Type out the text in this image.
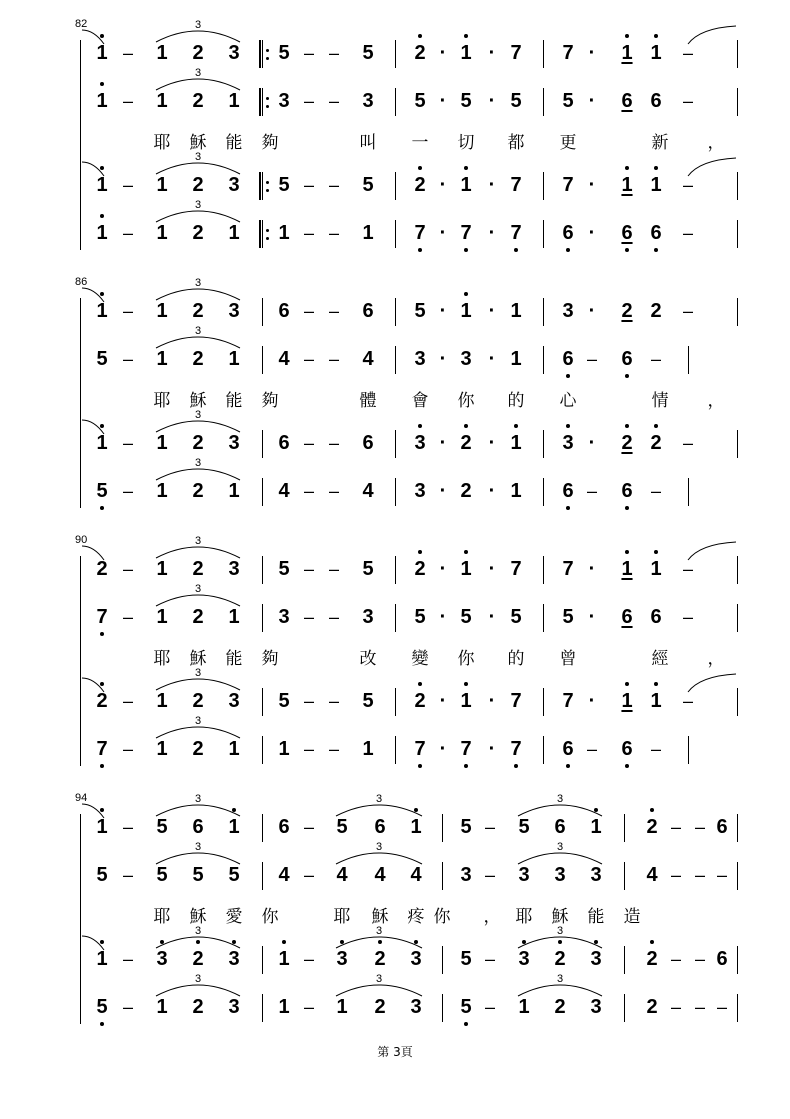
3
3
3
3
3
3
3
3
3
3
3
3
3	3	3
3	3	3
3	3	3
3	3	3
82
1 –	1 2 3 5 – –	5 2 · 1 · 7 7 ·	1 1	–
1 –	1 2 1 3 – –	3 5 · 5 · 5 5 ·	6 6	–
1 –	1 2 3 5 – –	5 2 · 1 · 7 7 ·	1 1	–
1 –	1 2 1 1 – –	1 7 · 7 · 7 6 ·	6 6	–
耶	穌	能	夠	叫	一	切	都	更	新	，
86
1 –	1 2 3 6 – –	6 5 · 1 · 1 3 ·	2 2	–
5 –	1 2 1 4 – –	4 3 · 3 · 1 6 –	6	–
1 –	1 2 3 6 – –	6 3 · 2 · 1 3 ·	2 2	–
5 –	1 2 1 4 – –	4 3 · 2 · 1 6 –	6	–
耶	穌	能	夠	體	會	你	的	心	情	，
90
2 –	1 2 3 5 – –	5 2 · 1 · 7 7 ·	1 1	–
7 –	1 2 1 3 – –	3 5 · 5 · 5 5 ·	6 6	–
2 –	1 2 3 5 – –	5 2 · 1 · 7 7 ·	1 1	–
7 –	1 2 1 1 – –	1 7 · 7 · 7 6 –	6	–
耶	穌	能	夠	改	變	你	的	曾	經	，
94
1 –	5 6 1 6 –	5 6 1 5 –	5 6 1 2 – – 6
5 –	5 5 5 4 –	4 4 4 3 –	3 3 3 4 – – –
1 –	3 2 3 1 –	3 2 3 5 –	3 2 3 2 – – 6
5 –	1 2 3 1 –	1 2 3 5 –	1 2 3 2 – – –
耶	穌	愛	你	耶	穌	疼 你	， 耶	穌	能	造
第 3頁
